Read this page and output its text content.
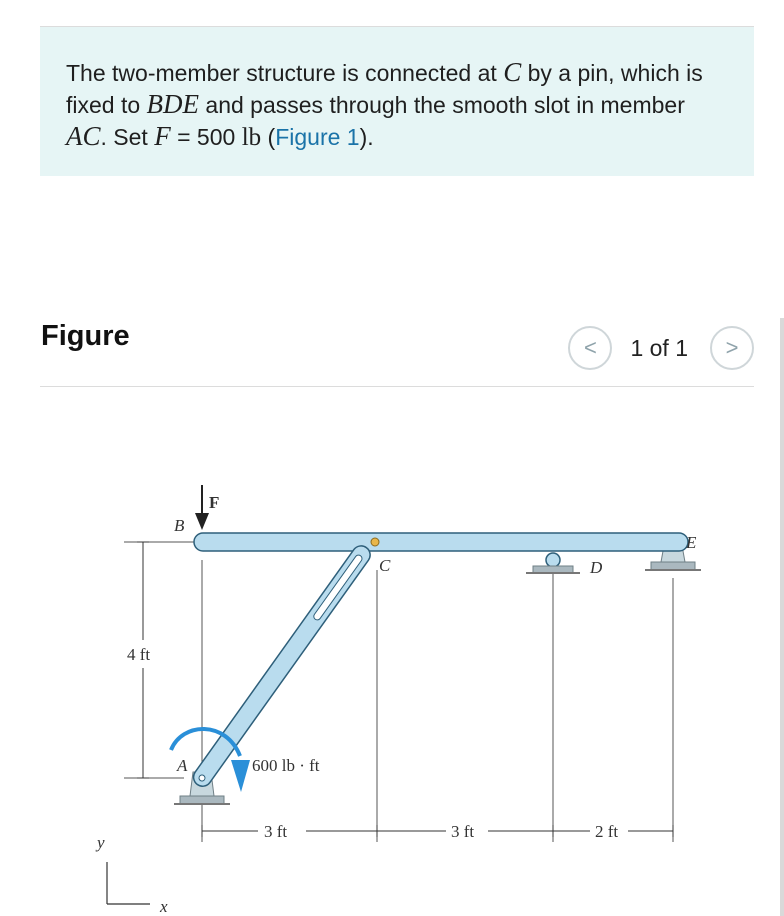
The two-member structure is connected at C by a pin, which is fixed to BDE and passes through the smooth slot in member AC. Set F = 500 lb (Figure 1).
Figure	< 1 of 1 >
4 ft
3 ft	3 ft	2 ft
F
B
C	D
E
A	600 lb · ft
y
x
